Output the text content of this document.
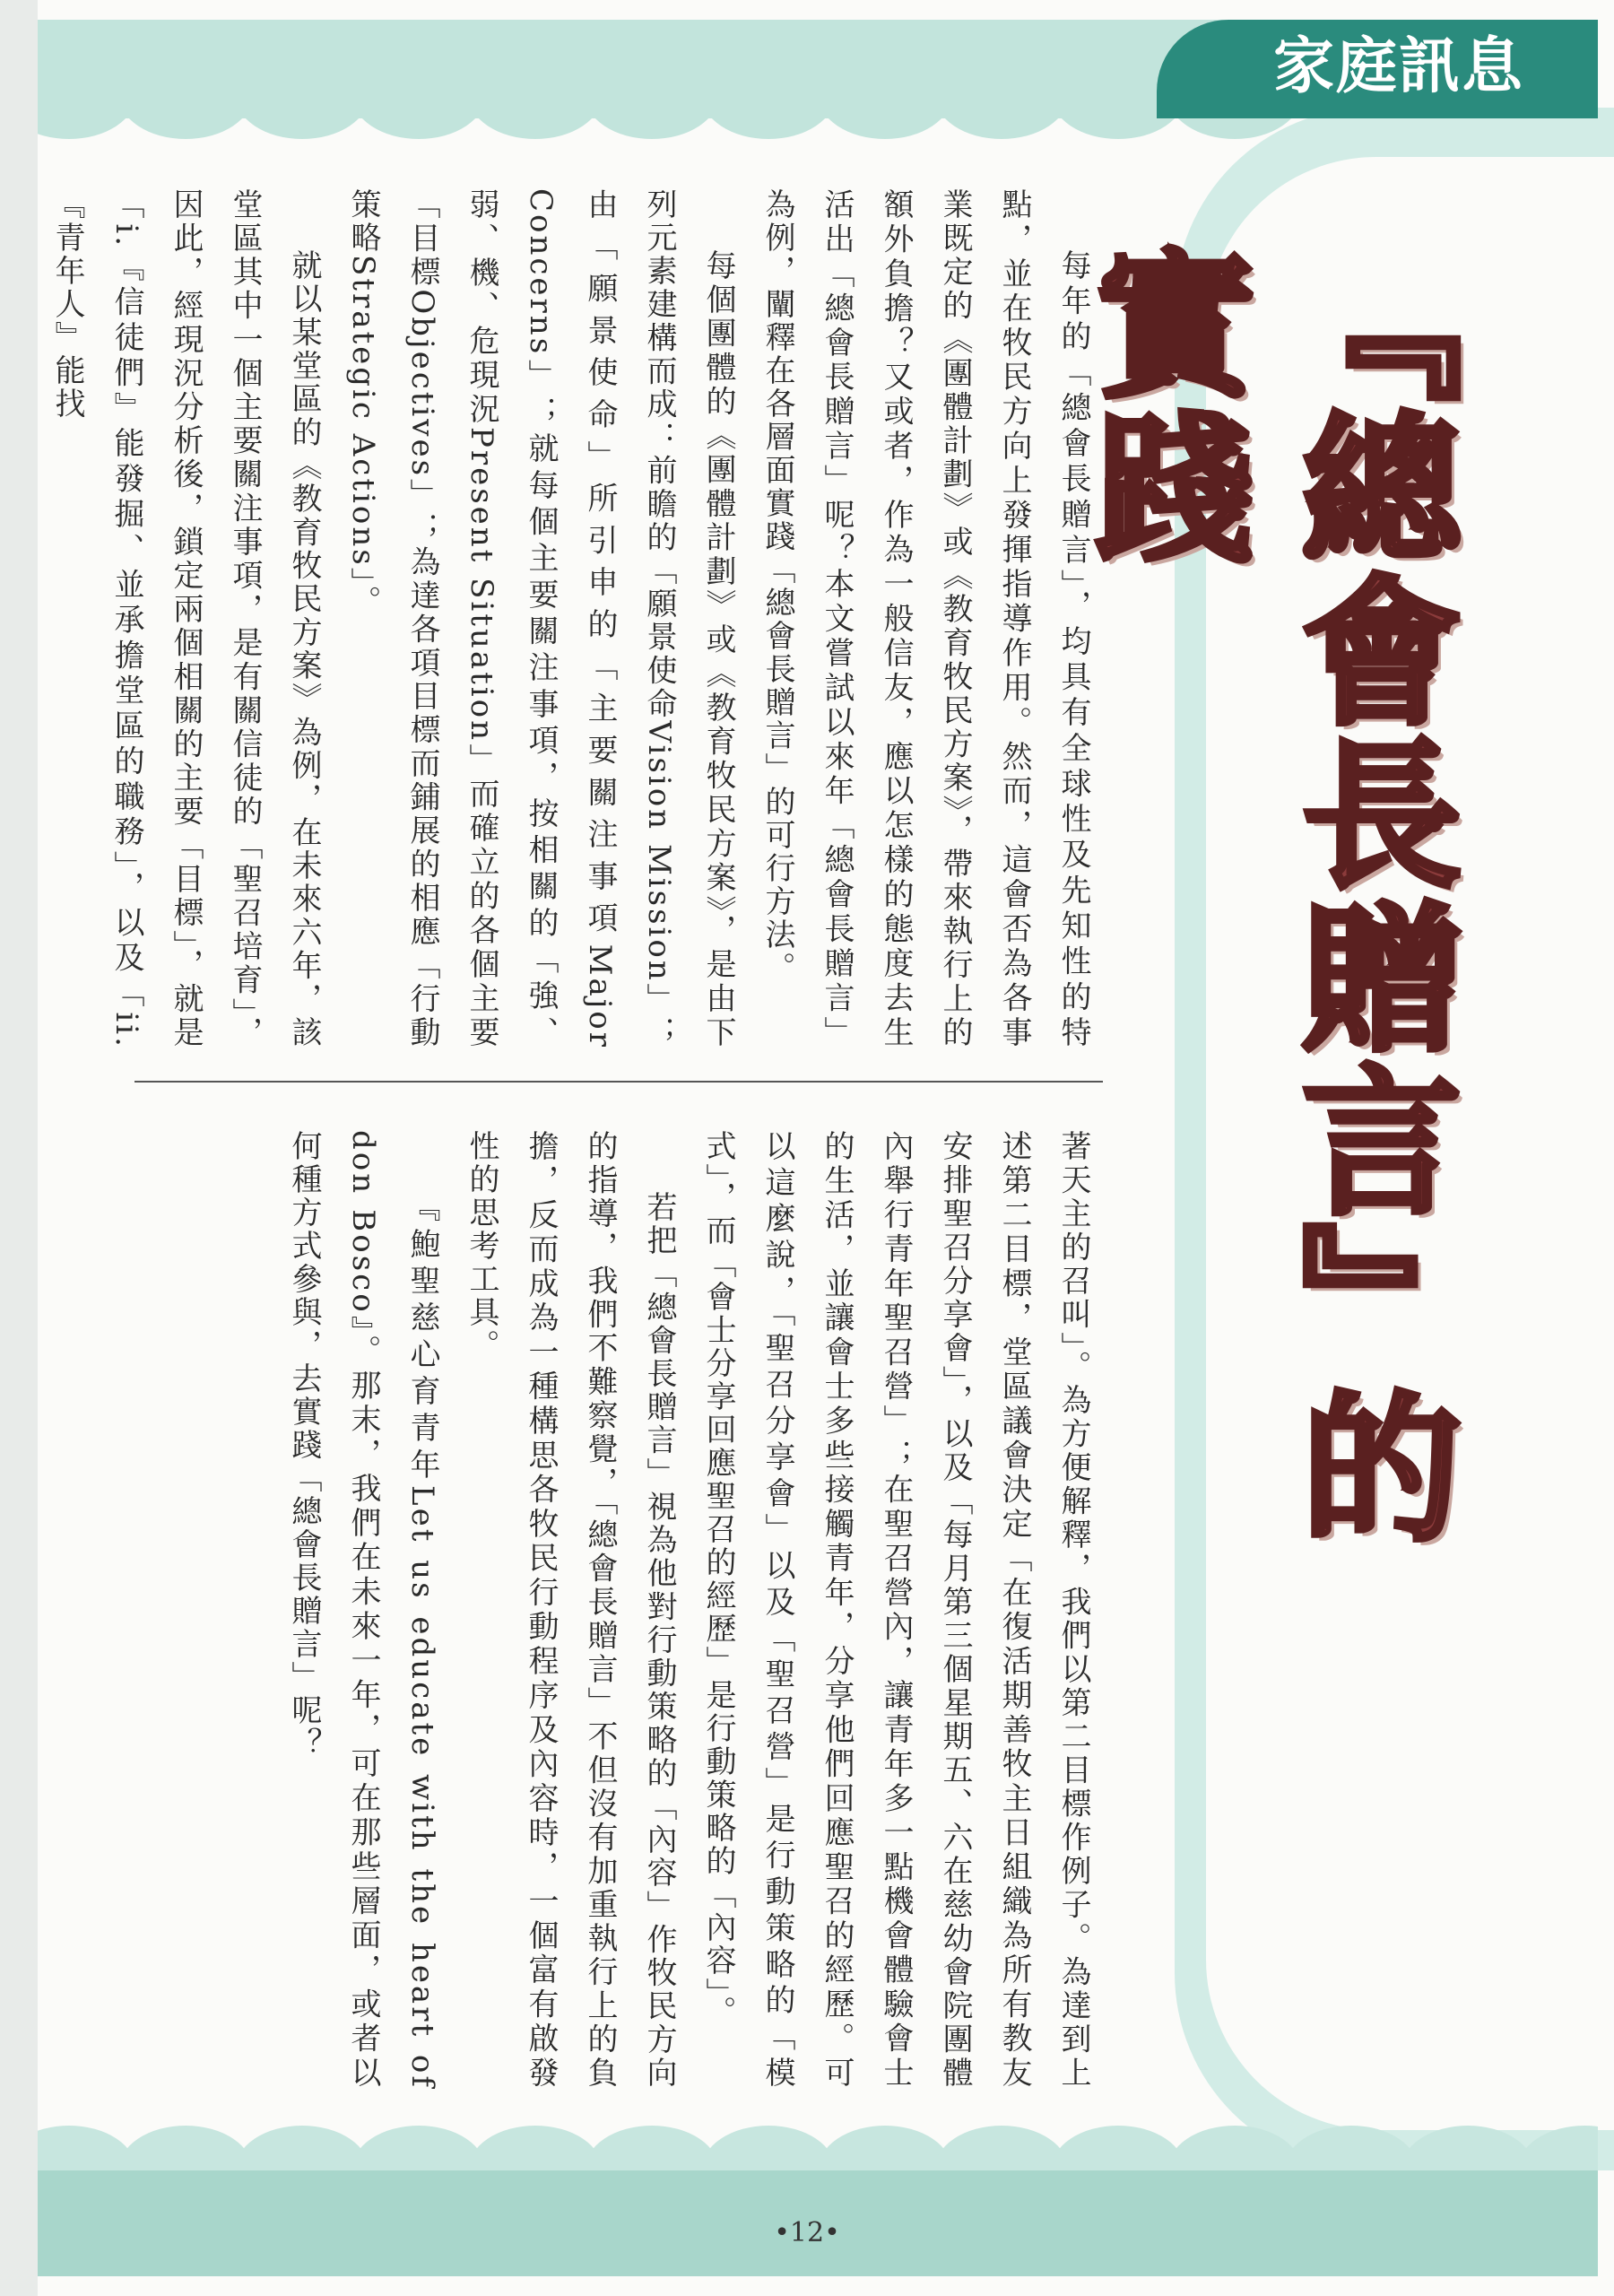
家庭訊息
『總會長贈言』的實踐

每年的「總會長贈言」，均具有全球性及先知性的特點，並在牧民方向上發揮指導作用。然而，這會否為各事業既定的《團體計劃》或《教育牧民方案》，帶來執行上的額外負擔？又或者，作為一般信友，應以怎樣的態度去生活出「總會長贈言」呢？本文嘗試以來年「總會長贈言」為例，闡釋在各層面實踐「總會長贈言」的可行方法。

每個團體的《團體計劃》或《教育牧民方案》，是由下列元素建構而成：前瞻的「願景使命Vision Mission」；由「願景使命」所引申的「主要關注事項Major Concerns」；就每個主要關注事項，按相關的「強、弱、機、危現況Present Situation」而確立的各個主要「目標Objectives」；為達各項目標而鋪展的相應「行動策略Strategic Actions」。

就以某堂區的《教育牧民方案》為例，在未來六年，該堂區其中一個主要關注事項，是有關信徒的「聖召培育」，因此，經現況分析後，鎖定兩個相關的主要「目標」，就是「i.『信徒們』能發掘、並承擔堂區的職務」，以及「ii.『青年人』能找

著天主的召叫」。為方便解釋，我們以第二目標作例子。為達到上述第二目標，堂區議會決定「在復活期善牧主日組織為所有教友安排聖召分享會」，以及「每月第三個星期五、六在慈幼會院團體內舉行青年聖召營」；在聖召營內，讓青年多一點機會體驗會士的生活，並讓會士多些接觸青年，分享他們回應聖召的經歷。可以這麼說，「聖召分享會」以及「聖召營」是行動策略的「模式」，而「會士分享回應聖召的經歷」是行動策略的「內容」。

若把「總會長贈言」視為他對行動策略的「內容」作牧民方向的指導，我們不難察覺，「總會長贈言」不但沒有加重執行上的負擔，反而成為一種構思各牧民行動程序及內容時，一個富有啟發性的思考工具。

『鮑聖慈心育青年Let us educate with the heart of don Bosco』。那末，我們在未來一年，可在那些層面，或者以何種方式參與，去實踐「總會長贈言」呢？

•12•
